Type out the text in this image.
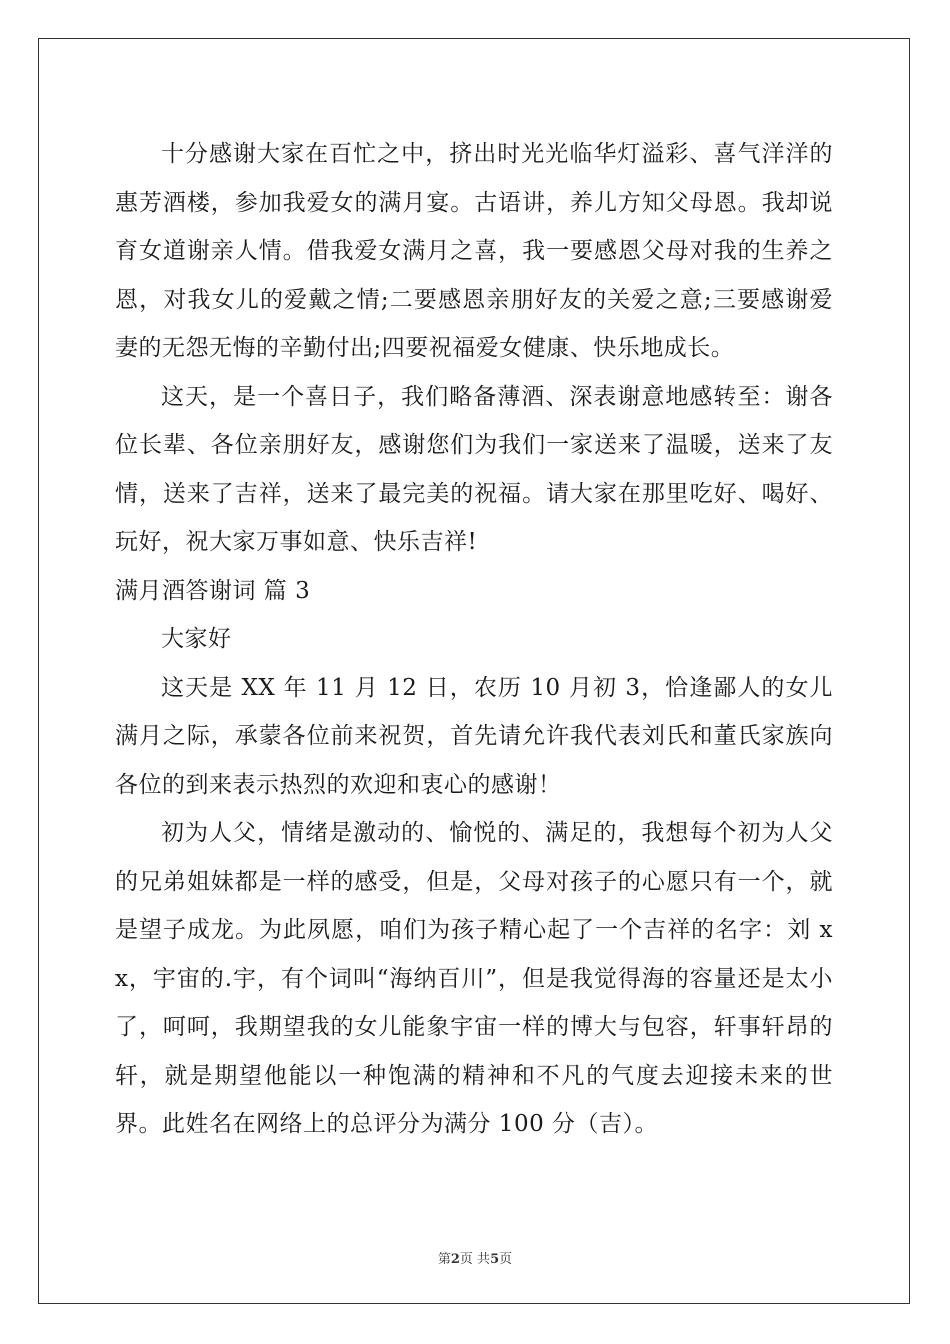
十分感谢大家在百忙之中，挤出时光光临华灯溢彩、喜气洋洋的惠芳酒楼，参加我爱女的满月宴。古语讲，养儿方知父母恩。我却说育女道谢亲人情。借我爱女满月之喜，我一要感恩父母对我的生养之恩，对我女儿的爱戴之情;二要感恩亲朋好友的关爱之意;三要感谢爱妻的无怨无悔的辛勤付出;四要祝福爱女健康、快乐地成长。

这天，是一个喜日子，我们略备薄酒、深表谢意地感转至：谢各位长辈、各位亲朋好友，感谢您们为我们一家送来了温暖，送来了友情，送来了吉祥，送来了最完美的祝福。请大家在那里吃好、喝好、玩好，祝大家万事如意、快乐吉祥!

满月酒答谢词 篇 3

大家好

这天是 XX 年 11 月 12 日，农历 10 月初 3，恰逢鄙人的女儿满月之际，承蒙各位前来祝贺，首先请允许我代表刘氏和董氏家族向各位的到来表示热烈的欢迎和衷心的感谢！

初为人父，情绪是激动的、愉悦的、满足的，我想每个初为人父的兄弟姐妹都是一样的感受，但是，父母对孩子的心愿只有一个，就是望子成龙。为此夙愿，咱们为孩子精心起了一个吉祥的名字：刘 xx，宇宙的.宇，有个词叫“海纳百川”，但是我觉得海的容量还是太小了，呵呵，我期望我的女儿能象宇宙一样的博大与包容，轩事轩昂的轩，就是期望他能以一种饱满的精神和不凡的气度去迎接未来的世界。此姓名在网络上的总评分为满分 100 分（吉）。

第2页 共5页
